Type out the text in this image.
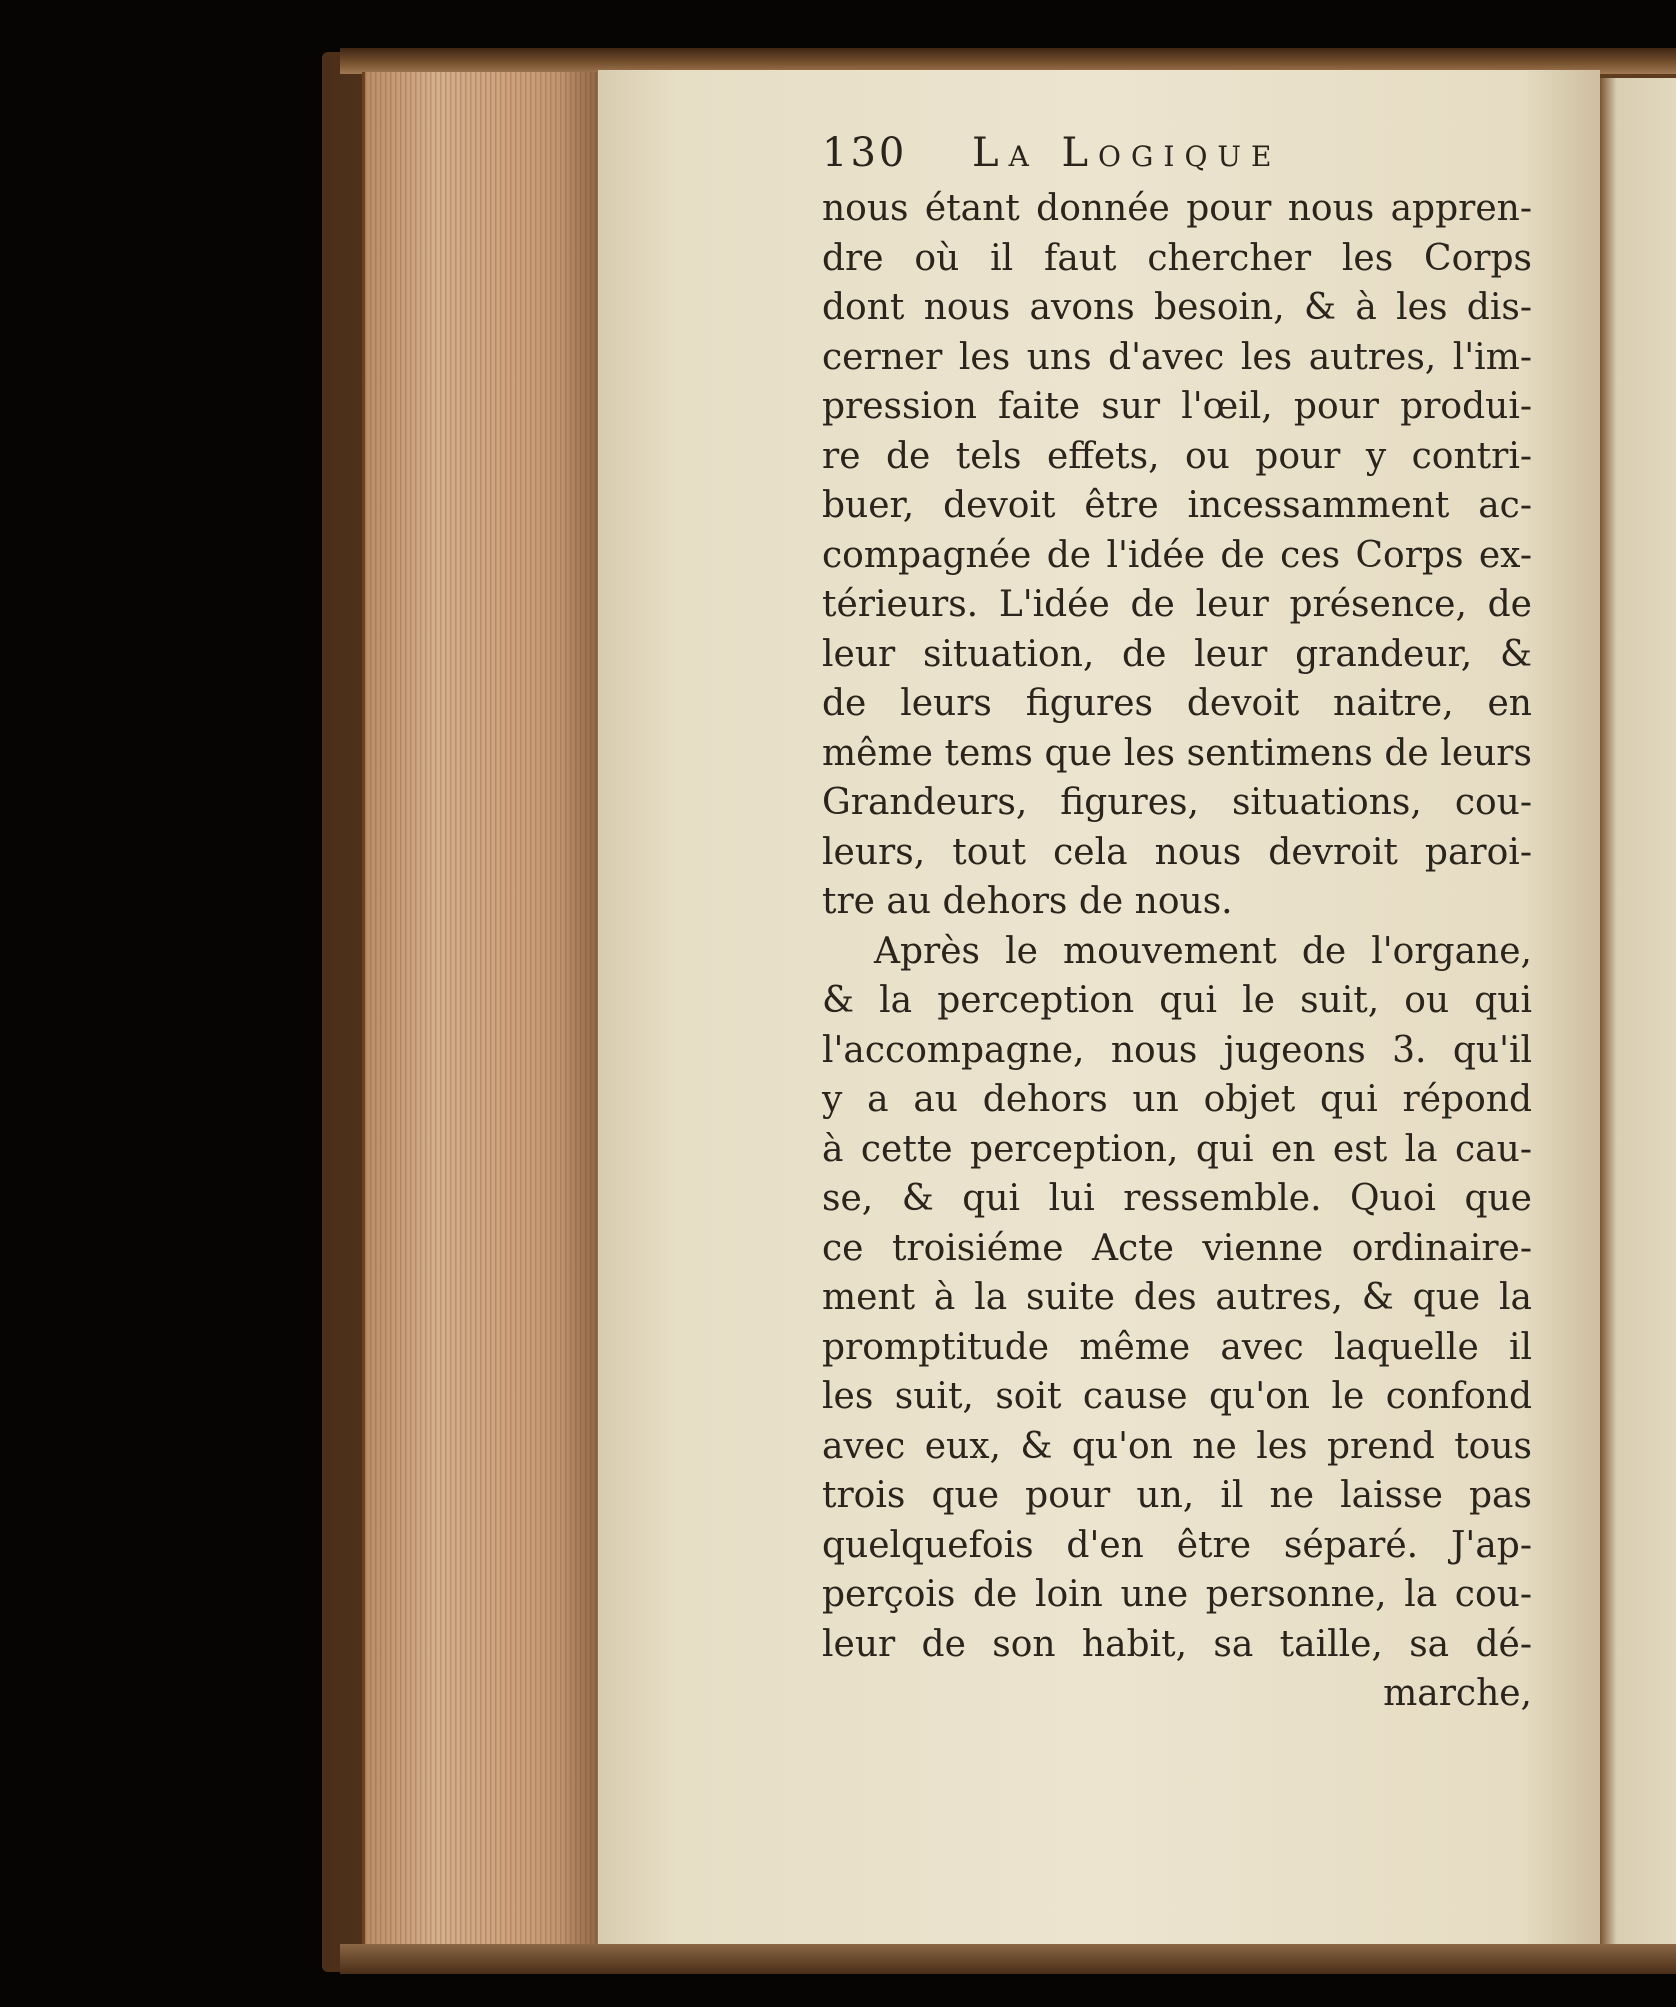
130	La Logique
nous étant donnée pour nous appren-
dre où il faut chercher les Corps
dont nous avons besoin, & à les dis-
cerner les uns d'avec les autres, l'im-
pression faite sur l'œil, pour produi-
re de tels effets, ou pour y contri-
buer, devoit être incessamment ac-
compagnée de l'idée de ces Corps ex-
térieurs. L'idée de leur présence, de
leur situation, de leur grandeur, &
de leurs figures devoit naitre, en
même tems que les sentimens de leurs
Grandeurs, figures, situations, cou-
leurs, tout cela nous devroit paroi-
tre au dehors de nous.
Après le mouvement de l'organe,
& la perception qui le suit, ou qui
l'accompagne, nous jugeons 3. qu'il
y a au dehors un objet qui répond
à cette perception, qui en est la cau-
se, & qui lui ressemble. Quoi que
ce troisiéme Acte vienne ordinaire-
ment à la suite des autres, & que la
promptitude même avec laquelle il
les suit, soit cause qu'on le confond
avec eux, & qu'on ne les prend tous
trois que pour un, il ne laisse pas
quelquefois d'en être séparé. J'ap-
perçois de loin une personne, la cou-
leur de son habit, sa taille, sa dé-
marche,
